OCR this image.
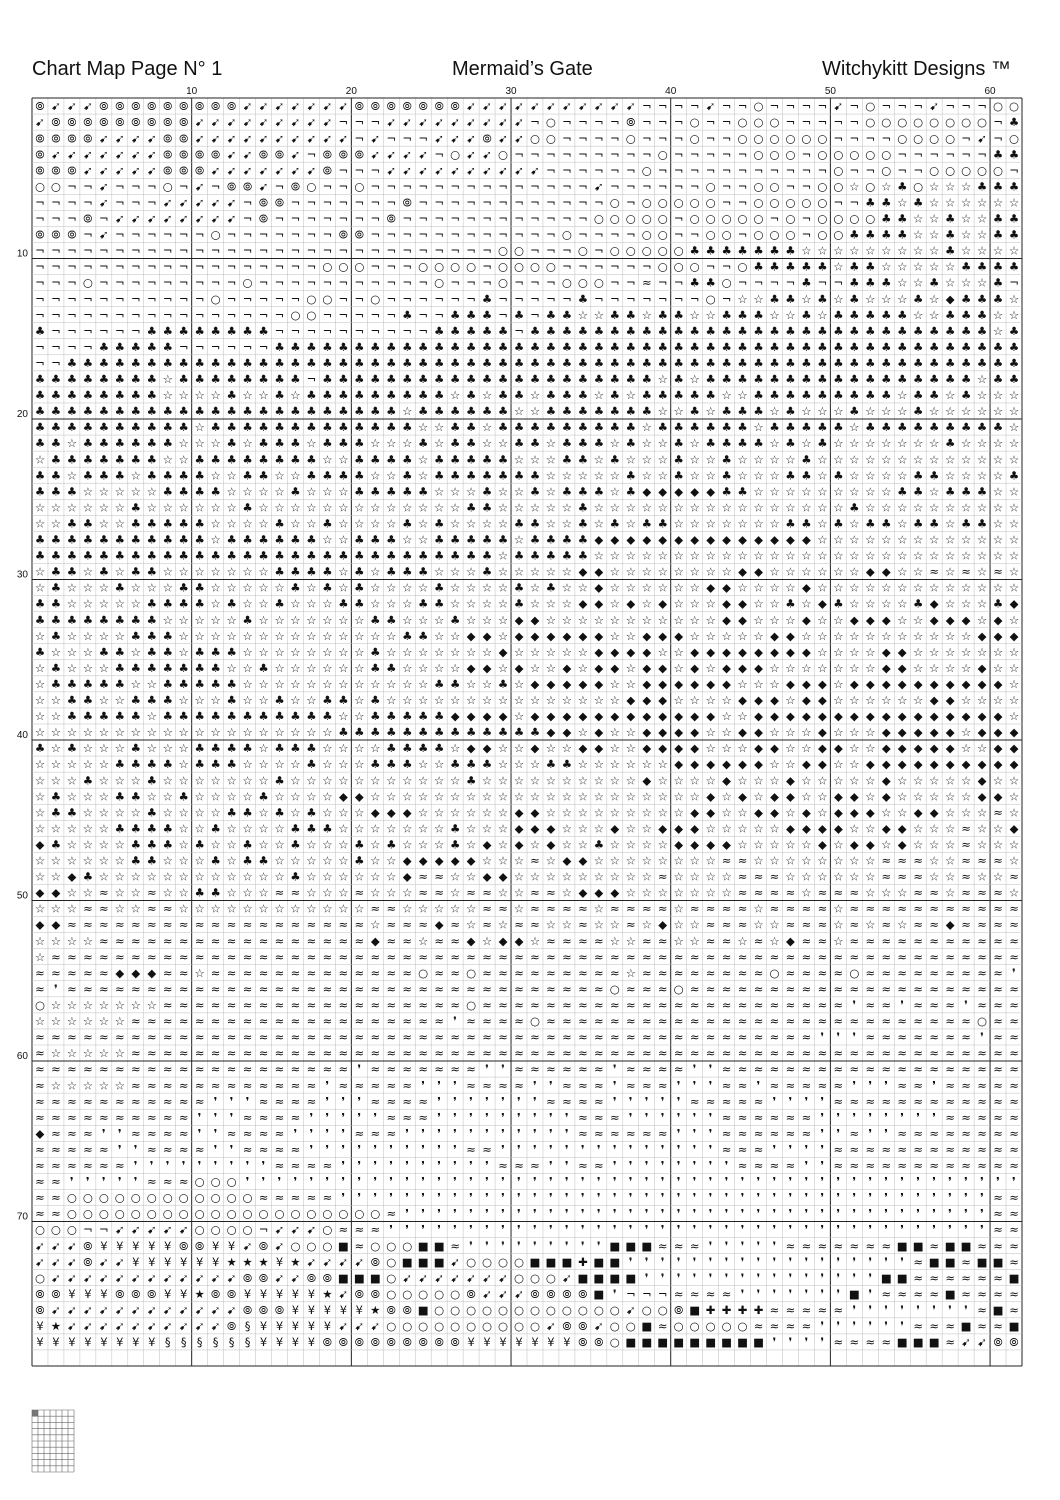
Chart Map Page N° 1	Mermaid’s Gate	Witchykitt Designs ™
10	20	30	40	50	60
10
20
30
40
50
60
70
⦾ ➹ ➹ ➹ ⦾ ⦾ ⦾ ⦾ ⦾ ⦾ ⦾ ⦾ ⦾ ➹ ➹ ➹ ➹ ➹ ➹ ➹ ⦾ ⦾ ⦾ ⦾ ⦾ ⦾ ⦾ ➹ ➹ ➹ ➹ ➹ ➹ ➹ ➹ ➹ ➹ ➹ ¬ ¬ ¬ ¬ ➹ ¬ ¬ ○ ¬ ¬ ¬ ¬ ➹ ¬ ○ ¬ ¬ ¬ ➹ ¬ ¬ ¬ ○ ○
➹ ⦾ ⦾ ⦾ ⦾ ⦾ ⦾ ⦾ ⦾ ⦾ ➹ ➹ ➹ ➹ ➹ ➹ ➹ ➹ ➹ ¬ ¬ ¬ ➹ ➹ ➹ ➹ ➹ ➹ ➹ ➹ ➹ ¬ ○ ¬ ¬ ¬ ¬ ⦾ ¬ ¬ ¬ ○ ¬ ¬ ○ ○ ○ ¬ ¬ ¬ ¬ ¬ ○ ○ ○ ○ ○ ○ ○ ○ ¬ ♣
⦾ ⦾ ⦾ ⦾ ➹ ➹ ➹ ➹ ⦾ ⦾ ➹ ➹ ➹ ➹ ➹ ➹ ➹ ➹ ➹ ➹ ¬ ➹ ¬ ¬ ¬ ➹ ➹ ➹ ⦾ ➹ ➹ ○ ○ ¬ ¬ ¬ ¬ ○ ¬ ¬ ¬ ○ ¬ ¬ ○ ○ ○ ○ ○ ○ ¬ ¬ ¬ ¬ ○ ○ ○ ○ ¬ ➹ ¬ ○
⦾ ➹ ➹ ➹ ➹ ➹ ➹ ➹ ⦾ ⦾ ⦾ ⦾ ➹ ➹ ⦾ ⦾ ➹ ¬ ⦾ ⦾ ⦾ ➹ ➹ ➹ ➹ ¬ ○ ➹ ➹ ○ ¬ ¬ ¬ ¬ ¬ ¬ ¬ ¬ ¬ ○ ¬ ¬ ¬ ¬ ¬ ○ ○ ○ ¬ ○ ○ ○ ○ ○ ¬ ¬ ¬ ¬ ¬ ¬ ♣ ♣
⦾ ⦾ ⦾ ➹ ➹ ➹ ➹ ➹ ⦾ ⦾ ⦾ ➹ ➹ ➹ ➹ ➹ ➹ ➹ ⦾ ¬ ¬ ¬ ➹ ➹ ➹ ➹ ➹ ➹ ➹ ➹ ➹ ➹ ¬ ¬ ¬ ¬ ¬ ¬ ○ ¬ ¬ ¬ ¬ ¬ ¬ ¬ ¬ ¬ ¬ ¬ ○ ¬ ¬ ○ ¬ ¬ ○ ○ ○ ○ ○ ¬
○ ○ ¬ ¬ ➹ ¬ ¬ ¬ ○ ¬ ➹ ¬ ⦾ ⦾ ➹ ¬ ⦾ ○ ¬ ¬ ○ ¬ ¬ ¬ ¬ ¬ ¬ ¬ ¬ ¬ ¬ ¬ ¬ ¬ ¬ ➹ ¬ ¬ ¬ ¬ ¬ ¬ ○ ¬ ¬ ○ ○ ¬ ¬ ○ ○ ☆ ○ ☆ ♣ ○ ☆ ☆ ☆ ♣ ♣ ♣
¬ ¬ ¬ ¬ ➹ ¬ ¬ ¬ ➹ ➹ ➹ ➹ ➹ ¬ ⦾ ⦾ ¬ ¬ ¬ ¬ ¬ ¬ ¬ ⦾ ¬ ¬ ¬ ¬ ¬ ¬ ¬ ¬ ¬ ¬ ¬ ¬ ○ ¬ ○ ○ ○ ○ ○ ¬ ¬ ○ ○ ○ ○ ○ ¬ ¬ ♣ ♣ ☆ ♣ ☆ ☆ ☆ ☆ ☆ ☆
¬ ¬ ¬ ⦾ ¬ ➹ ➹ ➹ ➹ ➹ ➹ ➹ ➹ ¬ ⦾ ¬ ¬ ¬ ¬ ¬ ¬ ¬ ⦾ ¬ ¬ ¬ ¬ ¬ ¬ ¬ ¬ ¬ ¬ ¬ ¬ ○ ○ ○ ○ ○ ¬ ○ ○ ○ ○ ○ ¬ ○ ¬ ○ ○ ○ ○ ♣ ♣ ☆ ☆ ♣ ☆ ☆ ♣ ♣
⦾ ⦾ ⦾ ¬ ➹ ¬ ¬ ¬ ¬ ¬ ¬ ○ ¬ ¬ ¬ ¬ ¬ ¬ ¬ ⦾ ⦾ ¬ ¬ ¬ ¬ ¬ ¬ ¬ ¬ ¬ ¬ ¬ ¬ ○ ¬ ¬ ¬ ¬ ○ ○ ¬ ¬ ○ ○ ¬ ○ ○ ○ ¬ ○ ○ ♣ ♣ ♣ ♣ ☆ ☆ ♣ ☆ ☆ ♣ ♣
¬ ¬ ¬ ¬ ¬ ¬ ¬ ¬ ¬ ¬ ¬ ¬ ¬ ¬ ¬ ¬ ¬ ¬ ¬ ¬ ¬ ¬ ¬ ¬ ¬ ¬ ¬ ¬ ¬ ○ ○ ¬ ¬ ¬ ○ ¬ ○ ○ ○ ○ ○ ♣ ♣ ♣ ♣ ♣ ♣ ♣ ☆ ☆ ☆ ☆ ☆ ☆ ☆ ☆ ☆ ♣ ☆ ☆ ☆ ☆
¬ ¬ ¬ ¬ ¬ ¬ ¬ ¬ ¬ ¬ ¬ ¬ ¬ ¬ ¬ ¬ ¬ ¬ ○ ○ ○ ¬ ¬ ¬ ○ ○ ○ ○ ¬ ○ ○ ○ ○ ¬ ¬ ¬ ¬ ¬ ¬ ○ ○ ○ ¬ ¬ ○ ♣ ♣ ♣ ♣ ♣ ☆ ♣ ♣ ☆ ☆ ☆ ☆ ☆ ♣ ♣ ♣ ♣
¬ ¬ ¬ ○ ¬ ¬ ¬ ¬ ¬ ¬ ¬ ¬ ¬ ○ ¬ ¬ ¬ ¬ ¬ ¬ ¬ ¬ ¬ ¬ ¬ ○ ¬ ¬ ¬ ○ ¬ ¬ ¬ ○ ○ ○ ¬ ¬ ≈ ¬ ¬ ♣ ♣ ○ ¬ ¬ ¬ ¬ ♣ ¬ ¬ ♣ ♣ ♣ ☆ ☆ ♣ ☆ ☆ ☆ ♣ ¬
¬ ¬ ¬ ¬ ¬ ¬ ¬ ¬ ¬ ¬ ¬ ○ ¬ ¬ ¬ ¬ ¬ ○ ○ ¬ ¬ ○ ¬ ¬ ¬ ¬ ¬ ¬ ♣ ¬ ¬ ¬ ¬ ¬ ♣ ¬ ¬ ¬ ¬ ¬ ¬ ¬ ○ ¬ ☆ ☆ ♣ ♣ ☆ ♣ ☆ ♣ ☆ ☆ ☆ ♣ ☆ ◆ ♣ ♣ ♣ ☆
¬ ¬ ¬ ¬ ¬ ¬ ¬ ¬ ¬ ¬ ¬ ¬ ¬ ¬ ¬ ¬ ○ ○ ¬ ¬ ¬ ¬ ¬ ♣ ¬ ¬ ♣ ♣ ♣ ¬ ♣ ¬ ♣ ♣ ☆ ☆ ♣ ♣ ☆ ♣ ♣ ☆ ☆ ♣ ♣ ♣ ☆ ☆ ♣ ☆ ♣ ♣ ♣ ♣ ♣ ☆ ☆ ♣ ♣ ♣ ☆ ☆
♣ ¬ ¬ ¬ ¬ ¬ ¬ ♣ ♣ ♣ ♣ ♣ ♣ ♣ ♣ ¬ ¬ ¬ ¬ ¬ ¬ ¬ ¬ ¬ ¬ ♣ ♣ ♣ ♣ ♣ ¬ ♣ ♣ ♣ ♣ ♣ ♣ ♣ ♣ ♣ ♣ ♣ ♣ ♣ ♣ ♣ ♣ ♣ ♣ ♣ ♣ ♣ ♣ ♣ ♣ ♣ ♣ ♣ ♣ ♣ ☆ ♣
¬ ¬ ¬ ¬ ♣ ♣ ♣ ♣ ♣ ¬ ¬ ¬ ¬ ¬ ¬ ♣ ♣ ♣ ♣ ♣ ♣ ♣ ♣ ♣ ♣ ♣ ♣ ♣ ♣ ♣ ♣ ♣ ♣ ♣ ♣ ♣ ♣ ♣ ♣ ♣ ♣ ♣ ♣ ♣ ♣ ♣ ♣ ♣ ♣ ♣ ♣ ♣ ♣ ♣ ♣ ♣ ♣ ♣ ♣ ♣ ♣ ♣
¬ ¬ ♣ ♣ ♣ ♣ ♣ ♣ ♣ ♣ ♣ ♣ ♣ ♣ ♣ ♣ ♣ ♣ ♣ ♣ ♣ ♣ ♣ ♣ ♣ ♣ ♣ ♣ ♣ ♣ ♣ ♣ ♣ ♣ ♣ ♣ ♣ ♣ ♣ ♣ ♣ ♣ ♣ ♣ ♣ ♣ ♣ ♣ ♣ ♣ ♣ ♣ ♣ ♣ ♣ ♣ ♣ ♣ ♣ ♣ ♣ ♣
♣ ♣ ♣ ♣ ♣ ♣ ♣ ♣ ☆ ♣ ♣ ♣ ♣ ♣ ♣ ♣ ♣ ¬ ♣ ♣ ♣ ♣ ♣ ♣ ♣ ♣ ♣ ♣ ♣ ♣ ♣ ♣ ♣ ♣ ♣ ♣ ♣ ♣ ♣ ☆ ♣ ☆ ♣ ♣ ♣ ♣ ♣ ♣ ♣ ♣ ♣ ♣ ♣ ♣ ♣ ♣ ♣ ♣ ♣ ☆ ♣ ♣
♣ ♣ ♣ ♣ ♣ ♣ ♣ ♣ ☆ ☆ ☆ ☆ ♣ ☆ ☆ ♣ ☆ ♣ ♣ ♣ ♣ ♣ ♣ ♣ ♣ ♣ ☆ ♣ ☆ ♣ ♣ ☆ ♣ ♣ ♣ ☆ ♣ ☆ ♣ ♣ ♣ ♣ ♣ ☆ ☆ ♣ ♣ ♣ ♣ ♣ ♣ ♣ ♣ ♣ ☆ ♣ ♣ ☆ ♣ ☆ ☆ ☆
♣ ♣ ♣ ♣ ♣ ♣ ♣ ♣ ♣ ♣ ♣ ♣ ♣ ♣ ♣ ♣ ♣ ♣ ♣ ♣ ♣ ♣ ♣ ☆ ♣ ♣ ♣ ♣ ♣ ♣ ☆ ☆ ♣ ♣ ♣ ♣ ♣ ♣ ♣ ☆ ☆ ♣ ☆ ♣ ♣ ♣ ☆ ♣ ☆ ☆ ☆ ♣ ☆ ☆ ☆ ♣ ☆ ☆ ☆ ☆ ☆ ☆
♣ ♣ ♣ ♣ ♣ ♣ ♣ ♣ ♣ ♣ ☆ ♣ ♣ ♣ ♣ ♣ ♣ ♣ ♣ ♣ ♣ ♣ ♣ ♣ ☆ ☆ ♣ ♣ ☆ ♣ ♣ ♣ ♣ ♣ ♣ ♣ ♣ ♣ ☆ ♣ ♣ ♣ ♣ ♣ ♣ ☆ ♣ ♣ ♣ ♣ ♣ ☆ ♣ ♣ ♣ ♣ ♣ ♣ ♣ ♣ ♣ ☆
♣ ♣ ☆ ♣ ♣ ♣ ♣ ♣ ♣ ☆ ☆ ☆ ♣ ☆ ♣ ♣ ♣ ☆ ♣ ♣ ♣ ☆ ☆ ☆ ♣ ☆ ♣ ♣ ☆ ☆ ♣ ♣ ☆ ♣ ♣ ♣ ☆ ♣ ☆ ☆ ♣ ☆ ♣ ♣ ♣ ♣ ☆ ♣ ☆ ♣ ☆ ☆ ☆ ☆ ☆ ☆ ☆ ♣ ☆ ☆ ☆ ☆
☆ ♣ ♣ ♣ ♣ ♣ ♣ ♣ ☆ ☆ ♣ ♣ ♣ ♣ ♣ ♣ ♣ ♣ ☆ ☆ ♣ ♣ ♣ ♣ ☆ ♣ ♣ ♣ ♣ ♣ ☆ ☆ ☆ ♣ ♣ ☆ ♣ ☆ ☆ ☆ ♣ ☆ ☆ ♣ ☆ ☆ ☆ ☆ ♣ ☆ ☆ ☆ ☆ ☆ ☆ ☆ ☆ ☆ ☆ ☆ ☆ ☆
♣ ♣ ☆ ♣ ♣ ♣ ☆ ♣ ♣ ♣ ♣ ☆ ☆ ♣ ♣ ☆ ☆ ♣ ♣ ♣ ♣ ☆ ☆ ♣ ☆ ♣ ♣ ♣ ♣ ♣ ♣ ♣ ☆ ☆ ☆ ☆ ☆ ♣ ☆ ☆ ♣ ☆ ☆ ♣ ☆ ☆ ☆ ♣ ♣ ☆ ♣ ☆ ☆ ☆ ☆ ♣ ♣ ☆ ☆ ☆ ☆ ♣
♣ ♣ ♣ ☆ ☆ ☆ ☆ ☆ ♣ ♣ ♣ ♣ ☆ ☆ ☆ ☆ ♣ ☆ ☆ ☆ ♣ ♣ ♣ ♣ ♣ ☆ ☆ ☆ ♣ ☆ ☆ ♣ ☆ ♣ ♣ ♣ ☆ ♣ ◆ ◆ ◆ ◆ ◆ ♣ ♣ ☆ ☆ ☆ ☆ ☆ ☆ ☆ ☆ ☆ ♣ ♣ ☆ ♣ ♣ ♣ ☆ ☆
☆ ☆ ☆ ☆ ☆ ☆ ♣ ☆ ☆ ☆ ☆ ☆ ☆ ♣ ☆ ☆ ☆ ☆ ☆ ☆ ☆ ☆ ☆ ☆ ☆ ☆ ☆ ♣ ♣ ☆ ☆ ☆ ☆ ☆ ♣ ☆ ☆ ☆ ☆ ☆ ☆ ☆ ☆ ☆ ☆ ☆ ☆ ☆ ☆ ☆ ☆ ♣ ☆ ☆ ☆ ☆ ☆ ☆ ☆ ☆ ☆ ☆
☆ ☆ ♣ ♣ ☆ ☆ ♣ ♣ ♣ ♣ ♣ ☆ ☆ ☆ ☆ ♣ ☆ ☆ ♣ ☆ ☆ ☆ ☆ ♣ ☆ ♣ ☆ ☆ ☆ ☆ ♣ ♣ ☆ ☆ ♣ ☆ ♣ ☆ ♣ ♣ ☆ ☆ ☆ ☆ ☆ ☆ ☆ ♣ ♣ ☆ ♣ ☆ ♣ ♣ ☆ ♣ ♣ ☆ ♣ ♣ ☆ ☆
♣ ♣ ♣ ♣ ♣ ♣ ♣ ♣ ♣ ♣ ♣ ☆ ♣ ♣ ♣ ♣ ♣ ♣ ☆ ☆ ♣ ♣ ♣ ☆ ☆ ♣ ♣ ♣ ♣ ♣ ☆ ♣ ♣ ♣ ♣ ◆ ◆ ◆ ◆ ◆ ◆ ◆ ◆ ◆ ◆ ◆ ◆ ◆ ◆ ☆ ☆ ☆ ☆ ☆ ☆ ☆ ☆ ☆ ☆ ☆ ☆ ☆
♣ ♣ ♣ ♣ ♣ ♣ ♣ ♣ ♣ ♣ ♣ ♣ ♣ ♣ ♣ ♣ ♣ ♣ ♣ ♣ ♣ ♣ ♣ ♣ ♣ ♣ ♣ ♣ ♣ ☆ ♣ ♣ ♣ ♣ ♣ ☆ ☆ ☆ ☆ ☆ ☆ ☆ ☆ ☆ ☆ ☆ ☆ ☆ ☆ ☆ ☆ ☆ ☆ ☆ ☆ ☆ ☆ ☆ ☆ ☆ ☆ ☆
☆ ♣ ♣ ☆ ♣ ☆ ♣ ♣ ☆ ☆ ☆ ☆ ☆ ☆ ☆ ♣ ♣ ♣ ♣ ☆ ♣ ☆ ♣ ♣ ♣ ☆ ☆ ☆ ♣ ☆ ☆ ☆ ☆ ☆ ◆ ◆ ☆ ☆ ☆ ☆ ☆ ☆ ☆ ☆ ◆ ◆ ☆ ☆ ☆ ☆ ☆ ☆ ◆ ◆ ☆ ☆ ≈ ☆ ≈ ☆ ≈ ☆
☆ ♣ ☆ ☆ ☆ ♣ ☆ ☆ ☆ ♣ ♣ ☆ ☆ ☆ ☆ ☆ ♣ ☆ ♣ ☆ ♣ ☆ ☆ ☆ ☆ ♣ ☆ ☆ ☆ ☆ ♣ ☆ ♣ ☆ ☆ ◆ ☆ ☆ ☆ ☆ ☆ ☆ ◆ ◆ ☆ ☆ ☆ ☆ ◆ ☆ ☆ ☆ ☆ ☆ ☆ ☆ ☆ ☆ ☆ ☆ ☆ ☆
♣ ♣ ☆ ☆ ☆ ☆ ☆ ♣ ♣ ♣ ♣ ☆ ♣ ☆ ☆ ♣ ☆ ☆ ☆ ♣ ♣ ☆ ☆ ☆ ♣ ♣ ☆ ☆ ☆ ☆ ♣ ☆ ☆ ☆ ◆ ◆ ☆ ◆ ☆ ◆ ☆ ☆ ☆ ◆ ◆ ☆ ☆ ♣ ☆ ◆ ♣ ☆ ☆ ☆ ☆ ♣ ◆ ☆ ☆ ☆ ♣ ◆
♣ ♣ ♣ ♣ ♣ ♣ ♣ ♣ ☆ ☆ ☆ ☆ ☆ ♣ ☆ ☆ ☆ ☆ ☆ ☆ ☆ ♣ ♣ ☆ ☆ ☆ ♣ ☆ ☆ ☆ ◆ ◆ ☆ ☆ ☆ ☆ ☆ ☆ ☆ ☆ ☆ ☆ ☆ ◆ ◆ ☆ ☆ ☆ ◆ ☆ ☆ ◆ ◆ ◆ ☆ ☆ ◆ ◆ ◆ ☆ ◆ ☆
☆ ♣ ☆ ☆ ☆ ☆ ♣ ♣ ♣ ☆ ☆ ☆ ☆ ☆ ☆ ☆ ☆ ☆ ☆ ☆ ☆ ☆ ☆ ♣ ♣ ☆ ☆ ◆ ◆ ☆ ◆ ◆ ◆ ◆ ◆ ◆ ☆ ☆ ◆ ◆ ◆ ☆ ☆ ☆ ☆ ☆ ◆ ◆ ☆ ☆ ☆ ☆ ☆ ☆ ☆ ☆ ☆ ☆ ☆ ◆ ◆ ◆
♣ ☆ ☆ ☆ ♣ ♣ ☆ ♣ ♣ ☆ ♣ ♣ ♣ ☆ ☆ ☆ ☆ ☆ ☆ ☆ ☆ ♣ ☆ ☆ ☆ ☆ ☆ ☆ ☆ ◆ ☆ ☆ ☆ ☆ ☆ ◆ ◆ ◆ ◆ ☆ ☆ ◆ ◆ ◆ ◆ ◆ ◆ ◆ ◆ ☆ ☆ ☆ ☆ ◆ ◆ ☆ ☆ ☆ ☆ ☆ ☆ ☆
☆ ♣ ☆ ☆ ☆ ♣ ♣ ♣ ♣ ♣ ♣ ♣ ☆ ☆ ♣ ☆ ☆ ☆ ☆ ☆ ☆ ♣ ♣ ☆ ☆ ☆ ☆ ◆ ◆ ☆ ◆ ☆ ☆ ◆ ☆ ◆ ◆ ☆ ◆ ◆ ☆ ◆ ☆ ◆ ◆ ◆ ☆ ☆ ☆ ☆ ☆ ☆ ☆ ◆ ◆ ☆ ☆ ☆ ☆ ◆ ☆ ☆
☆ ♣ ♣ ♣ ♣ ♣ ☆ ☆ ♣ ♣ ♣ ♣ ♣ ☆ ☆ ☆ ☆ ☆ ☆ ☆ ☆ ☆ ☆ ☆ ☆ ♣ ♣ ☆ ☆ ♣ ☆ ◆ ◆ ◆ ◆ ◆ ☆ ☆ ◆ ◆ ◆ ◆ ◆ ◆ ☆ ☆ ☆ ◆ ◆ ◆ ☆ ◆ ◆ ◆ ◆ ◆ ◆ ◆ ◆ ◆ ◆ ☆
☆ ☆ ♣ ♣ ☆ ☆ ♣ ♣ ♣ ☆ ☆ ☆ ♣ ☆ ☆ ♣ ☆ ☆ ♣ ♣ ☆ ♣ ☆ ☆ ☆ ☆ ☆ ☆ ☆ ☆ ☆ ☆ ☆ ☆ ☆ ☆ ☆ ◆ ◆ ◆ ☆ ☆ ☆ ☆ ◆ ◆ ◆ ☆ ◆ ◆ ☆ ☆ ☆ ☆ ☆ ☆ ◆ ◆ ☆ ☆ ☆ ☆
☆ ☆ ♣ ♣ ♣ ♣ ♣ ☆ ♣ ♣ ♣ ♣ ♣ ♣ ♣ ♣ ♣ ♣ ♣ ☆ ☆ ♣ ♣ ♣ ♣ ♣ ◆ ◆ ◆ ◆ ☆ ◆ ◆ ◆ ◆ ◆ ◆ ◆ ◆ ◆ ◆ ◆ ◆ ☆ ☆ ◆ ◆ ◆ ◆ ◆ ◆ ◆ ◆ ◆ ◆ ◆ ◆ ◆ ◆ ◆ ◆ ☆
☆ ☆ ☆ ☆ ☆ ☆ ☆ ☆ ☆ ☆ ☆ ☆ ☆ ☆ ☆ ☆ ☆ ☆ ☆ ♣ ♣ ♣ ♣ ♣ ♣ ♣ ♣ ♣ ♣ ♣ ♣ ♣ ◆ ◆ ☆ ◆ ☆ ☆ ◆ ◆ ◆ ◆ ☆ ☆ ◆ ◆ ☆ ☆ ☆ ◆ ☆ ☆ ☆ ◆ ◆ ◆ ◆ ◆ ☆ ◆ ◆ ◆
♣ ☆ ♣ ☆ ☆ ☆ ♣ ☆ ☆ ☆ ♣ ♣ ♣ ♣ ☆ ♣ ♣ ♣ ☆ ☆ ☆ ☆ ♣ ♣ ♣ ♣ ☆ ◆ ◆ ☆ ☆ ◆ ☆ ☆ ◆ ◆ ☆ ☆ ◆ ◆ ◆ ◆ ☆ ☆ ☆ ◆ ◆ ☆ ☆ ◆ ◆ ☆ ☆ ◆ ◆ ◆ ◆ ◆ ☆ ☆ ◆ ◆
☆ ☆ ☆ ☆ ☆ ♣ ♣ ♣ ♣ ☆ ♣ ♣ ♣ ☆ ☆ ☆ ☆ ♣ ☆ ☆ ☆ ♣ ♣ ♣ ☆ ☆ ♣ ♣ ♣ ☆ ☆ ☆ ♣ ♣ ☆ ☆ ☆ ☆ ☆ ☆ ◆ ◆ ◆ ◆ ◆ ◆ ☆ ☆ ◆ ◆ ☆ ☆ ◆ ◆ ◆ ◆ ◆ ◆ ◆ ◆ ◆ ◆
☆ ☆ ☆ ♣ ☆ ☆ ☆ ♣ ☆ ☆ ☆ ☆ ☆ ☆ ☆ ♣ ☆ ☆ ☆ ☆ ☆ ☆ ☆ ☆ ☆ ☆ ☆ ♣ ☆ ☆ ☆ ☆ ☆ ☆ ☆ ☆ ☆ ☆ ◆ ☆ ☆ ☆ ☆ ◆ ☆ ☆ ☆ ◆ ☆ ☆ ☆ ☆ ☆ ◆ ☆ ☆ ☆ ☆ ☆ ◆ ☆ ☆
☆ ♣ ☆ ☆ ☆ ♣ ♣ ☆ ☆ ♣ ☆ ☆ ☆ ☆ ♣ ☆ ☆ ☆ ☆ ◆ ◆ ☆ ☆ ☆ ☆ ☆ ☆ ☆ ☆ ☆ ☆ ☆ ☆ ☆ ☆ ☆ ☆ ☆ ☆ ☆ ☆ ☆ ◆ ☆ ◆ ☆ ◆ ◆ ☆ ☆ ◆ ◆ ☆ ◆ ☆ ☆ ☆ ☆ ☆ ◆ ◆ ☆
☆ ♣ ♣ ☆ ☆ ☆ ☆ ♣ ☆ ☆ ☆ ☆ ♣ ♣ ☆ ♣ ☆ ♣ ☆ ☆ ☆ ◆ ◆ ◆ ☆ ☆ ☆ ☆ ☆ ☆ ◆ ◆ ☆ ☆ ☆ ☆ ☆ ☆ ☆ ☆ ☆ ◆ ◆ ☆ ☆ ◆ ◆ ☆ ◆ ☆ ◆ ◆ ◆ ☆ ☆ ◆ ◆ ☆ ☆ ☆ ≈ ☆
☆ ☆ ☆ ☆ ☆ ♣ ♣ ♣ ♣ ☆ ☆ ♣ ☆ ☆ ☆ ☆ ♣ ♣ ♣ ☆ ☆ ☆ ☆ ☆ ☆ ☆ ♣ ☆ ☆ ☆ ◆ ◆ ◆ ☆ ☆ ☆ ◆ ☆ ☆ ◆ ◆ ◆ ☆ ☆ ☆ ☆ ☆ ◆ ◆ ◆ ◆ ☆ ☆ ◆ ◆ ☆ ☆ ☆ ≈ ☆ ☆ ◆
◆ ♣ ☆ ☆ ☆ ☆ ♣ ♣ ♣ ☆ ♣ ☆ ☆ ♣ ☆ ☆ ♣ ☆ ☆ ☆ ♣ ☆ ♣ ☆ ☆ ☆ ♣ ☆ ◆ ☆ ◆ ☆ ◆ ☆ ☆ ♣ ☆ ☆ ☆ ☆ ◆ ◆ ◆ ◆ ☆ ☆ ☆ ☆ ☆ ◆ ☆ ◆ ◆ ☆ ◆ ☆ ☆ ☆ ≈ ☆ ☆ ☆
☆ ☆ ☆ ☆ ☆ ☆ ♣ ♣ ☆ ☆ ☆ ♣ ☆ ♣ ♣ ☆ ☆ ☆ ☆ ☆ ♣ ☆ ☆ ◆ ◆ ◆ ◆ ◆ ☆ ☆ ☆ ≈ ☆ ◆ ◆ ☆ ☆ ☆ ☆ ☆ ☆ ☆ ☆ ≈ ≈ ☆ ☆ ☆ ☆ ☆ ☆ ☆ ☆ ≈ ≈ ≈ ☆ ☆ ≈ ≈ ≈ ☆
☆ ☆ ◆ ♣ ☆ ☆ ☆ ☆ ☆ ☆ ☆ ☆ ☆ ☆ ☆ ☆ ♣ ☆ ☆ ☆ ☆ ☆ ☆ ◆ ≈ ≈ ☆ ☆ ◆ ◆ ☆ ☆ ☆ ☆ ☆ ☆ ☆ ☆ ☆ ≈ ☆ ☆ ☆ ☆ ≈ ≈ ≈ ☆ ☆ ☆ ☆ ☆ ☆ ≈ ≈ ≈ ☆ ☆ ≈ ☆ ☆ ≈
◆ ◆ ☆ ☆ ≈ ☆ ☆ ≈ ☆ ☆ ♣ ♣ ☆ ☆ ☆ ≈ ≈ ☆ ☆ ☆ ≈ ☆ ☆ ☆ ≈ ≈ ☆ ≈ ≈ ☆ ☆ ≈ ≈ ☆ ◆ ◆ ◆ ☆ ☆ ☆ ☆ ☆ ☆ ☆ ≈ ≈ ≈ ≈ ☆ ≈ ≈ ≈ ☆ ☆ ☆ ≈ ≈ ☆ ≈ ≈ ≈ ☆
☆ ☆ ☆ ≈ ≈ ☆ ☆ ≈ ≈ ☆ ☆ ☆ ☆ ☆ ☆ ☆ ☆ ☆ ☆ ☆ ☆ ≈ ≈ ☆ ☆ ☆ ☆ ☆ ≈ ≈ ☆ ≈ ≈ ≈ ≈ ☆ ≈ ≈ ≈ ≈ ☆ ≈ ≈ ≈ ≈ ☆ ≈ ≈ ≈ ≈ ☆ ≈ ≈ ≈ ≈ ≈ ≈ ≈ ≈ ≈ ≈ ≈
◆ ◆ ≈ ≈ ≈ ≈ ≈ ≈ ≈ ≈ ≈ ≈ ≈ ≈ ≈ ≈ ≈ ≈ ≈ ≈ ≈ ☆ ≈ ≈ ≈ ◆ ≈ ☆ ≈ ☆ ≈ ≈ ☆ ☆ ≈ ☆ ☆ ≈ ☆ ◆ ☆ ☆ ≈ ≈ ≈ ☆ ☆ ≈ ≈ ≈ ☆ ≈ ☆ ≈ ☆ ≈ ≈ ◆ ≈ ≈ ≈ ≈
☆ ☆ ☆ ☆ ≈ ≈ ≈ ≈ ≈ ≈ ≈ ≈ ≈ ≈ ≈ ≈ ≈ ≈ ≈ ≈ ≈ ◆ ≈ ≈ ☆ ≈ ≈ ◆ ☆ ◆ ◆ ☆ ≈ ≈ ≈ ≈ ☆ ☆ ≈ ≈ ☆ ☆ ≈ ≈ ☆ ≈ ☆ ◆ ≈ ≈ ☆ ≈ ≈ ≈ ≈ ≈ ≈ ≈ ≈ ≈ ≈ ≈
☆ ≈ ≈ ≈ ≈ ≈ ≈ ≈ ≈ ≈ ≈ ≈ ≈ ≈ ≈ ≈ ≈ ≈ ≈ ≈ ≈ ≈ ≈ ≈ ≈ ≈ ≈ ≈ ≈ ≈ ≈ ≈ ≈ ≈ ≈ ≈ ≈ ≈ ≈ ≈ ≈ ≈ ≈ ≈ ≈ ≈ ≈ ≈ ≈ ≈ ≈ ≈ ≈ ≈ ≈ ≈ ≈ ≈ ≈ ≈ ≈ ≈
≈ ≈ ≈ ≈ ≈ ◆ ◆ ◆ ≈ ≈ ☆ ≈ ≈ ≈ ≈ ≈ ≈ ≈ ≈ ≈ ≈ ≈ ≈ ≈ ○ ≈ ≈ ○ ≈ ≈ ≈ ≈ ≈ ≈ ≈ ≈ ≈ ☆ ≈ ≈ ≈ ≈ ≈ ≈ ≈ ≈ ○ ≈ ≈ ≈ ≈ ○ ≈ ≈ ≈ ≈ ≈ ≈ ≈ ≈ ≈ ❜
≈ ❜ ≈ ≈ ≈ ≈ ≈ ≈ ≈ ≈ ≈ ≈ ≈ ≈ ≈ ≈ ≈ ≈ ≈ ≈ ≈ ≈ ≈ ≈ ≈ ≈ ≈ ≈ ≈ ≈ ≈ ≈ ≈ ≈ ≈ ≈ ○ ≈ ≈ ≈ ○ ≈ ≈ ≈ ≈ ≈ ≈ ≈ ≈ ≈ ≈ ≈ ≈ ≈ ≈ ≈ ≈ ≈ ≈ ≈ ≈ ≈
○ ☆ ☆ ☆ ☆ ☆ ☆ ☆ ≈ ≈ ≈ ≈ ≈ ≈ ≈ ≈ ≈ ≈ ≈ ≈ ≈ ≈ ≈ ≈ ≈ ≈ ≈ ○ ≈ ≈ ≈ ≈ ≈ ≈ ≈ ≈ ≈ ≈ ≈ ≈ ≈ ≈ ≈ ≈ ≈ ≈ ≈ ≈ ≈ ≈ ≈ ❜ ≈ ≈ ❜ ≈ ≈ ≈ ❜ ≈ ≈ ≈
☆ ☆ ☆ ☆ ☆ ☆ ≈ ≈ ≈ ≈ ≈ ≈ ≈ ≈ ≈ ≈ ≈ ≈ ≈ ≈ ≈ ≈ ≈ ≈ ≈ ≈ ❜ ≈ ≈ ≈ ≈ ○ ≈ ≈ ≈ ≈ ≈ ≈ ≈ ≈ ≈ ≈ ≈ ≈ ≈ ≈ ≈ ≈ ≈ ≈ ≈ ≈ ≈ ≈ ≈ ≈ ≈ ≈ ≈ ○ ≈ ≈
≈ ≈ ≈ ≈ ≈ ≈ ≈ ≈ ≈ ≈ ≈ ≈ ≈ ≈ ≈ ≈ ≈ ≈ ≈ ≈ ≈ ≈ ≈ ≈ ≈ ≈ ≈ ≈ ≈ ≈ ≈ ≈ ≈ ≈ ≈ ≈ ≈ ≈ ≈ ≈ ≈ ≈ ≈ ≈ ≈ ≈ ≈ ≈ ≈ ❜ ❜ ❜ ≈ ≈ ≈ ≈ ≈ ≈ ≈ ❜ ≈ ≈
≈ ☆ ☆ ☆ ☆ ☆ ≈ ≈ ≈ ≈ ≈ ≈ ≈ ≈ ≈ ≈ ≈ ≈ ≈ ≈ ≈ ≈ ≈ ≈ ≈ ≈ ≈ ≈ ≈ ≈ ≈ ≈ ≈ ≈ ≈ ≈ ≈ ≈ ≈ ≈ ≈ ≈ ≈ ≈ ≈ ≈ ≈ ≈ ≈ ≈ ≈ ≈ ≈ ≈ ≈ ≈ ≈ ≈ ≈ ≈ ≈ ≈
≈ ≈ ≈ ≈ ≈ ≈ ≈ ≈ ≈ ≈ ≈ ≈ ≈ ≈ ≈ ≈ ≈ ≈ ≈ ≈ ❜ ≈ ≈ ≈ ≈ ≈ ≈ ≈ ❜ ❜ ≈ ≈ ≈ ≈ ≈ ≈ ❜ ≈ ≈ ≈ ≈ ❜ ❜ ≈ ≈ ≈ ≈ ≈ ≈ ≈ ≈ ≈ ≈ ≈ ≈ ≈ ≈ ≈ ≈ ≈ ≈ ≈
≈ ☆ ☆ ☆ ☆ ☆ ≈ ≈ ≈ ≈ ≈ ≈ ≈ ≈ ≈ ≈ ≈ ≈ ❜ ≈ ≈ ≈ ≈ ≈ ❜ ❜ ❜ ≈ ≈ ≈ ≈ ❜ ❜ ≈ ≈ ≈ ❜ ≈ ≈ ≈ ❜ ❜ ❜ ≈ ≈ ❜ ≈ ≈ ≈ ≈ ≈ ❜ ❜ ❜ ≈ ≈ ❜ ≈ ≈ ≈ ≈ ≈
≈ ≈ ≈ ≈ ≈ ≈ ≈ ≈ ≈ ≈ ≈ ❜ ❜ ❜ ≈ ≈ ≈ ≈ ❜ ❜ ❜ ≈ ≈ ≈ ≈ ❜ ❜ ❜ ❜ ❜ ❜ ❜ ≈ ≈ ≈ ≈ ❜ ❜ ❜ ❜ ❜ ≈ ≈ ≈ ≈ ≈ ❜ ❜ ❜ ❜ ≈ ≈ ≈ ≈ ≈ ≈ ≈ ≈ ≈ ≈ ≈ ≈
≈ ≈ ≈ ≈ ≈ ≈ ≈ ≈ ≈ ≈ ❜ ❜ ❜ ≈ ≈ ≈ ≈ ❜ ❜ ❜ ❜ ❜ ≈ ≈ ≈ ❜ ❜ ❜ ❜ ❜ ❜ ❜ ❜ ❜ ≈ ≈ ≈ ❜ ❜ ❜ ❜ ❜ ❜ ≈ ≈ ≈ ≈ ≈ ≈ ❜ ❜ ❜ ❜ ❜ ❜ ❜ ❜ ≈ ≈ ≈ ≈ ≈
◆ ≈ ≈ ≈ ❜ ❜ ≈ ≈ ≈ ≈ ❜ ❜ ≈ ≈ ≈ ≈ ❜ ❜ ❜ ❜ ≈ ≈ ≈ ❜ ❜ ❜ ❜ ❜ ❜ ❜ ❜ ❜ ❜ ❜ ≈ ≈ ≈ ≈ ≈ ≈ ❜ ❜ ❜ ≈ ≈ ≈ ≈ ≈ ≈ ❜ ❜ ≈ ❜ ❜ ≈ ≈ ≈ ≈ ≈ ≈ ≈ ≈
≈ ≈ ≈ ≈ ≈ ❜ ❜ ≈ ≈ ≈ ≈ ❜ ❜ ≈ ≈ ≈ ≈ ❜ ❜ ❜ ❜ ❜ ❜ ❜ ❜ ❜ ❜ ≈ ≈ ❜ ❜ ❜ ❜ ❜ ❜ ❜ ❜ ❜ ❜ ❜ ❜ ❜ ❜ ≈ ≈ ≈ ❜ ❜ ❜ ❜ ≈ ≈ ≈ ≈ ≈ ≈ ≈ ≈ ≈ ≈ ≈ ≈
≈ ≈ ≈ ≈ ≈ ≈ ❜ ❜ ❜ ❜ ❜ ❜ ❜ ❜ ❜ ≈ ≈ ≈ ≈ ❜ ❜ ❜ ❜ ❜ ❜ ❜ ❜ ❜ ❜ ≈ ≈ ≈ ❜ ❜ ≈ ≈ ❜ ❜ ❜ ❜ ❜ ❜ ❜ ❜ ≈ ≈ ≈ ≈ ❜ ❜ ≈ ≈ ≈ ≈ ≈ ≈ ≈ ≈ ≈ ≈ ≈ ≈
≈ ≈ ❜ ❜ ❜ ❜ ❜ ≈ ≈ ≈ ○ ○ ○ ❜ ❜ ❜ ❜ ❜ ❜ ❜ ❜ ❜ ❜ ❜ ❜ ❜ ❜ ❜ ❜ ❜ ❜ ❜ ❜ ❜ ❜ ❜ ❜ ❜ ❜ ❜ ❜ ❜ ❜ ❜ ❜ ❜ ❜ ❜ ❜ ❜ ❜ ❜ ❜ ❜ ❜ ❜ ❜ ❜ ❜ ❜ ❜ ❜
≈ ≈ ○ ○ ○ ○ ○ ○ ○ ○ ○ ○ ○ ○ ≈ ≈ ≈ ≈ ≈ ❜ ❜ ❜ ❜ ❜ ❜ ❜ ❜ ❜ ❜ ❜ ❜ ❜ ❜ ❜ ❜ ❜ ❜ ❜ ❜ ❜ ❜ ❜ ❜ ❜ ❜ ❜ ❜ ❜ ❜ ❜ ❜ ❜ ❜ ❜ ❜ ❜ ❜ ❜ ❜ ❜ ≈ ≈
≈ ≈ ○ ○ ○ ○ ○ ○ ○ ○ ○ ○ ○ ○ ○ ○ ○ ○ ○ ○ ○ ○ ≈ ❜ ❜ ❜ ❜ ❜ ❜ ❜ ❜ ❜ ❜ ❜ ❜ ❜ ❜ ❜ ❜ ❜ ❜ ❜ ❜ ❜ ❜ ❜ ❜ ❜ ❜ ❜ ❜ ❜ ❜ ❜ ❜ ❜ ❜ ❜ ❜ ❜ ≈ ≈
○ ○ ○ ¬ ¬ ➹ ➹ ➹ ➹ ➹ ○ ○ ○ ○ ¬ ➹ ➹ ➹ ○ ≈ ≈ ≈ ❜ ❜ ❜ ❜ ❜ ❜ ❜ ❜ ❜ ❜ ❜ ❜ ❜ ❜ ❜ ❜ ❜ ❜ ❜ ❜ ❜ ❜ ❜ ❜ ❜ ❜ ❜ ❜ ❜ ❜ ❜ ❜ ❜ ❜ ❜ ❜ ❜ ❜ ≈ ≈
➹ ➹ ➹ ⦾ ¥ ¥ ¥ ¥ ¥ ⦾ ⦾ ¥ ¥ ➹ ⦾ ➹ ○ ○ ○ ■ ≈ ○ ○ ○ ■ ■ ≈ ❜ ❜ ❜ ❜ ❜ ❜ ❜ ❜ ❜ ■ ■ ■ ≈ ≈ ≈ ❜ ❜ ❜ ❜ ❜ ≈ ≈ ≈ ≈ ≈ ≈ ≈ ■ ■ ≈ ■ ■ ≈ ≈ ≈
➹ ➹ ➹ ⦾ ➹ ➹ ¥ ¥ ¥ ¥ ¥ ¥ ★ ★ ★ ¥ ★ ➹ ➹ ➹ ➹ ⦾ ○ ■ ■ ■ ➹ ○ ○ ○ ○ ■ ■ ■ ✚ ■ ■ ❜ ❜ ❜ ❜ ❜ ❜ ❜ ❜ ❜ ❜ ❜ ❜ ❜ ❜ ❜ ❜ ❜ ❜ ≈ ■ ■ ≈ ■ ■ ≈
○ ➹ ➹ ➹ ➹ ➹ ➹ ➹ ➹ ➹ ➹ ➹ ➹ ⦾ ⦾ ➹ ➹ ⦾ ⦾ ■ ■ ■ ○ ➹ ➹ ➹ ➹ ➹ ➹ ➹ ○ ○ ○ ➹ ■ ■ ■ ■ ❜ ❜ ❜ ❜ ❜ ❜ ❜ ❜ ❜ ❜ ❜ ❜ ❜ ❜ ❜ ■ ■ ≈ ≈ ≈ ≈ ≈ ≈ ■
⦾ ⦾ ¥ ¥ ¥ ⦾ ⦾ ⦾ ¥ ¥ ★ ⦾ ⦾ ¥ ¥ ¥ ¥ ¥ ★ ➹ ⦾ ⦾ ○ ○ ○ ○ ○ ⦾ ➹ ➹ ➹ ⦾ ⦾ ⦾ ⦾ ■ ❜ ¬ ¬ ¬ ≈ ≈ ≈ ≈ ❜ ❜ ❜ ❜ ❜ ❜ ❜ ■ ❜ ≈ ≈ ≈ ≈ ■ ≈ ≈ ≈ ≈
⦾ ➹ ➹ ➹ ➹ ➹ ➹ ➹ ➹ ➹ ➹ ➹ ➹ ⦾ ⦾ ⦾ ¥ ¥ ¥ ¥ ¥ ★ ⦾ ⦾ ■ ○ ○ ○ ○ ○ ○ ○ ○ ○ ○ ○ ○ ➹ ○ ○ ⦾ ■ ✚ ✚ ✚ ✚ ≈ ≈ ≈ ≈ ≈ ❜ ❜ ❜ ❜ ❜ ❜ ❜ ❜ ≈ ■ ≈
¥ ★ ➹ ➹ ➹ ➹ ➹ ➹ ➹ ➹ ➹ ➹ ⦾ § ¥ ¥ ¥ ¥ ¥ ➹ ➹ ➹ ○ ○ ○ ○ ○ ○ ○ ○ ○ ○ ➹ ⦾ ⦾ ➹ ○ ○ ■ ≈ ○ ○ ○ ○ ○ ≈ ≈ ≈ ≈ ❜ ❜ ❜ ❜ ❜ ❜ ≈ ≈ ≈ ■ ≈ ≈ ■
¥ ¥ ¥ ¥ ¥ ¥ ¥ ¥ § § § § § § ¥ ¥ ¥ ¥ ⦾ ⦾ ⦾ ⦾ ⦾ ⦾ ⦾ ⦾ ⦾ ¥ ¥ ¥ ¥ ¥ ¥ ¥ ⦾ ⦾ ○ ■ ■ ■ ■ ■ ■ ■ ■ ■ ❜ ❜ ❜ ❜ ≈ ≈ ≈ ≈ ■ ■ ■ ≈ ➹ ➹ ⦾ ⦾
